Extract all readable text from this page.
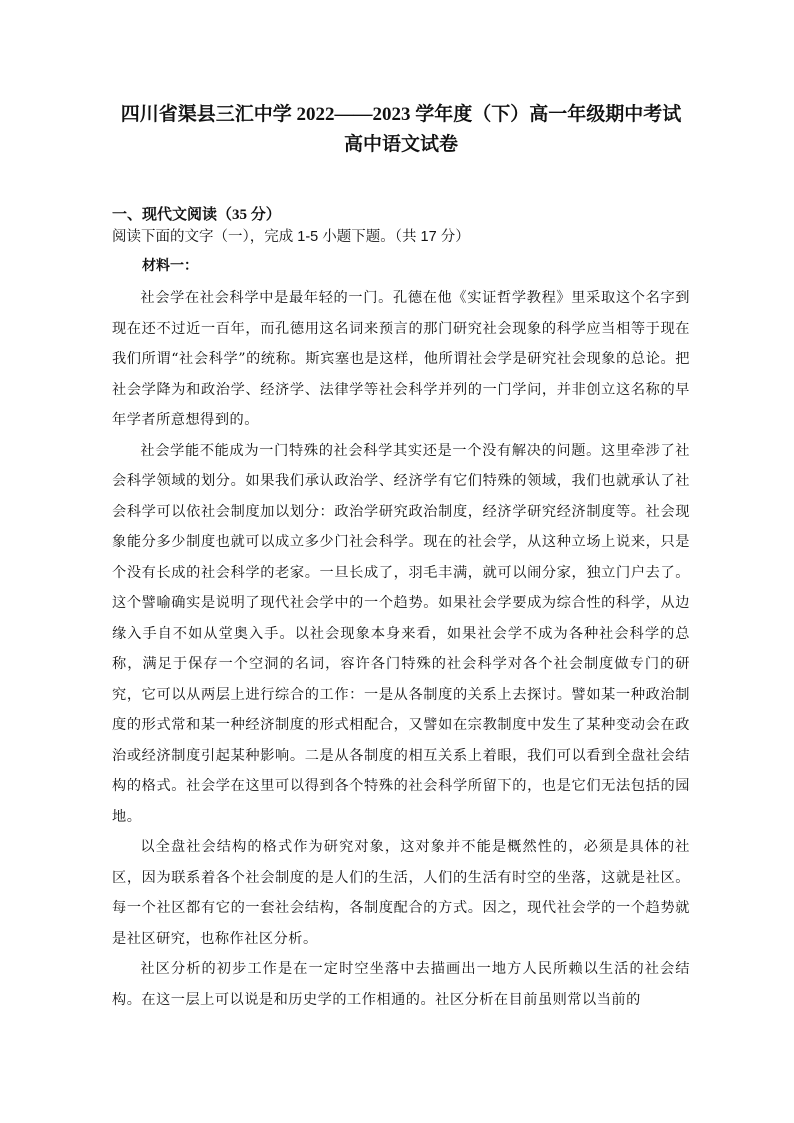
四川省渠县三汇中学 2022——2023 学年度（下）高一年级期中考试
高中语文试卷
一、现代文阅读（35 分）
阅读下面的文字（一），完成 1-5 小题下题。（共 17 分）
材料一：

社会学在社会科学中是最年轻的一门。孔德在他《实证哲学教程》里采取这个名字到现在还不过近一百年，而孔德用这名词来预言的那门研究社会现象的科学应当相等于现在我们所谓“社会科学”的统称。斯宾塞也是这样，他所谓社会学是研究社会现象的总论。把社会学降为和政治学、经济学、法律学等社会科学并列的一门学问，并非创立这名称的早年学者所意想得到的。

社会学能不能成为一门特殊的社会科学其实还是一个没有解决的问题。这里牵涉了社会科学领域的划分。如果我们承认政治学、经济学有它们特殊的领域，我们也就承认了社会科学可以依社会制度加以划分：政治学研究政治制度，经济学研究经济制度等。社会现象能分多少制度也就可以成立多少门社会科学。现在的社会学，从这种立场上说来，只是个没有长成的社会科学的老家。一旦长成了，羽毛丰满，就可以闹分家，独立门户去了。这个譬喻确实是说明了现代社会学中的一个趋势。如果社会学要成为综合性的科学，从边缘入手自不如从堂奥入手。以社会现象本身来看，如果社会学不成为各种社会科学的总称，满足于保存一个空洞的名词，容许各门特殊的社会科学对各个社会制度做专门的研究，它可以从两层上进行综合的工作：一是从各制度的关系上去探讨。譬如某一种政治制度的形式常和某一种经济制度的形式相配合，又譬如在宗教制度中发生了某种变动会在政治或经济制度引起某种影响。二是从各制度的相互关系上着眼，我们可以看到全盘社会结构的格式。社会学在这里可以得到各个特殊的社会科学所留下的，也是它们无法包括的园地。

以全盘社会结构的格式作为研究对象，这对象并不能是概然性的，必须是具体的社区，因为联系着各个社会制度的是人们的生活，人们的生活有时空的坐落，这就是社区。每一个社区都有它的一套社会结构，各制度配合的方式。因之，现代社会学的一个趋势就是社区研究，也称作社区分析。

社区分析的初步工作是在一定时空坐落中去描画出一地方人民所赖以生活的社会结构。在这一层上可以说是和历史学的工作相通的。社区分析在目前虽则常以当前的
